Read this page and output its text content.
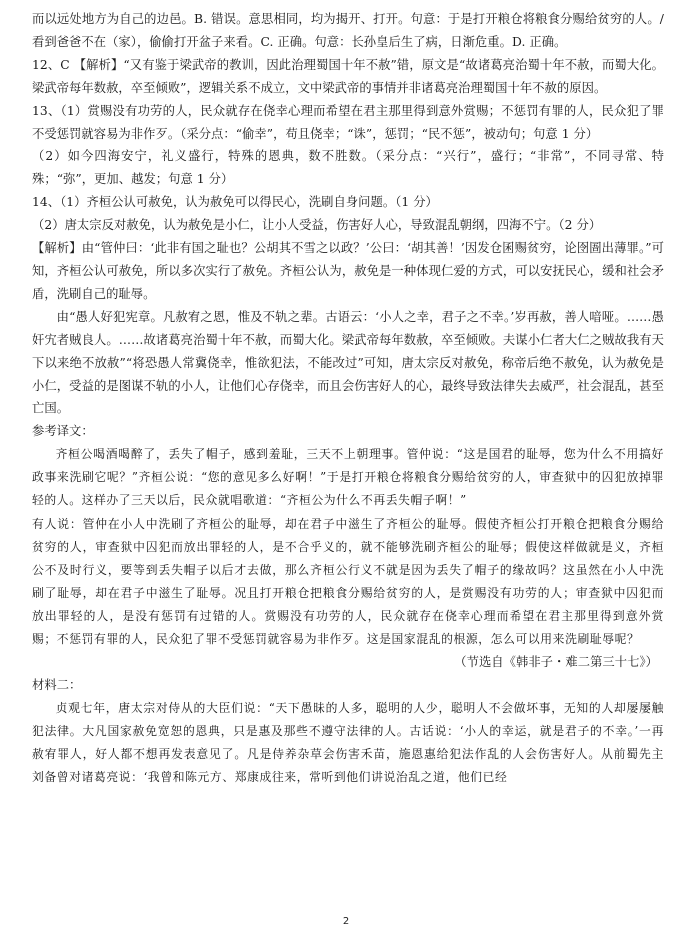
而以远处地方为自己的边邑。B. 错误。意思相同，均为揭开、打开。句意：于是打开粮仓将粮食分赐给贫穷的人。/看到爸爸不在（家），偷偷打开盆子来看。C. 正确。句意：长孙皇后生了病，日渐危重。D. 正确。

12、C 【解析】“又有鉴于梁武帝的教训，因此治理蜀国十年不赦”错，原文是“故诸葛亮治蜀十年不赦，而蜀大化。梁武帝每年数赦，卒至倾败”，逻辑关系不成立，文中梁武帝的事情并非诸葛亮治理蜀国十年不赦的原因。

13、（1）赏赐没有功劳的人，民众就存在侥幸心理而希望在君主那里得到意外赏赐；不惩罚有罪的人，民众犯了罪不受惩罚就容易为非作歹。（采分点：“偷幸”，苟且侥幸；“诛”，惩罚；“民不惩”，被动句；句意 1 分）

（2）如今四海安宁，礼义盛行，特殊的恩典，数不胜数。（采分点：“兴行”，盛行；“非常”，不同寻常、特殊；“弥”，更加、越发；句意 1 分）

14、（1）齐桓公认可赦免，认为赦免可以得民心，洗刷自身问题。（1 分）

（2）唐太宗反对赦免，认为赦免是小仁，让小人受益，伤害好人心，导致混乱朝纲，四海不宁。（2 分）

【解析】由“管仲曰：‘此非有国之耻也？公胡其不雪之以政？’公曰：‘胡其善！’因发仓囷赐贫穷，论囹圄出薄罪。”可知，齐桓公认可赦免，所以多次实行了赦免。齐桓公认为，赦免是一种体现仁爱的方式，可以安抚民心，缓和社会矛盾，洗刷自己的耻辱。

由“愚人好犯宪章。凡赦宥之恩，惟及不轨之辈。古语云：‘小人之幸，君子之不幸。’岁再赦，善人喑哑。……愚奸宄者贼良人。……故诸葛亮治蜀十年不赦，而蜀大化。梁武帝每年数赦，卒至倾败。夫谋小仁者大仁之贼故我有天下以来绝不放赦”“将恐愚人常冀侥幸，惟欲犯法，不能改过”可知，唐太宗反对赦免，称帝后绝不赦免，认为赦免是小仁，受益的是图谋不轨的小人，让他们心存侥幸，而且会伤害好人的心，最终导致法律失去威严，社会混乱，甚至亡国。

参考译文：

齐桓公喝酒喝醉了，丢失了帽子，感到羞耻，三天不上朝理事。管仲说：“这是国君的耻辱，您为什么不用搞好政事来洗刷它呢？”齐桓公说：“您的意见多么好啊！”于是打开粮仓将粮食分赐给贫穷的人，审查狱中的囚犯放掉罪轻的人。这样办了三天以后，民众就唱歌道：“齐桓公为什么不再丢失帽子啊！”

有人说：管仲在小人中洗刷了齐桓公的耻辱，却在君子中滋生了齐桓公的耻辱。假使齐桓公打开粮仓把粮食分赐给贫穷的人，审查狱中囚犯而放出罪轻的人，是不合乎义的，就不能够洗刷齐桓公的耻辱；假使这样做就是义，齐桓公不及时行义，要等到丢失帽子以后才去做，那么齐桓公行义不就是因为丢失了帽子的缘故吗？这虽然在小人中洗刷了耻辱，却在君子中滋生了耻辱。况且打开粮仓把粮食分赐给贫穷的人，是赏赐没有功劳的人；审查狱中囚犯而放出罪轻的人，是没有惩罚有过错的人。赏赐没有功劳的人，民众就存在侥幸心理而希望在君主那里得到意外赏赐；不惩罚有罪的人，民众犯了罪不受惩罚就容易为非作歹。这是国家混乱的根源，怎么可以用来洗刷耻辱呢？

（节选自《韩非子・难二第三十七》）

材料二：

贞观七年，唐太宗对侍从的大臣们说：“天下愚昧的人多，聪明的人少，聪明人不会做坏事，无知的人却屡屡触犯法律。大凡国家赦免宽恕的恩典，只是惠及那些不遵守法律的人。古话说：‘小人的幸运，就是君子的不幸。’一再赦宥罪人，好人都不想再发表意见了。凡是侍养杂草会伤害禾苗，施恩惠给犯法作乱的人会伤害好人。从前蜀先主刘备曾对诸葛亮说：‘我曾和陈元方、郑康成往来，常听到他们讲说治乱之道，他们已经

2
